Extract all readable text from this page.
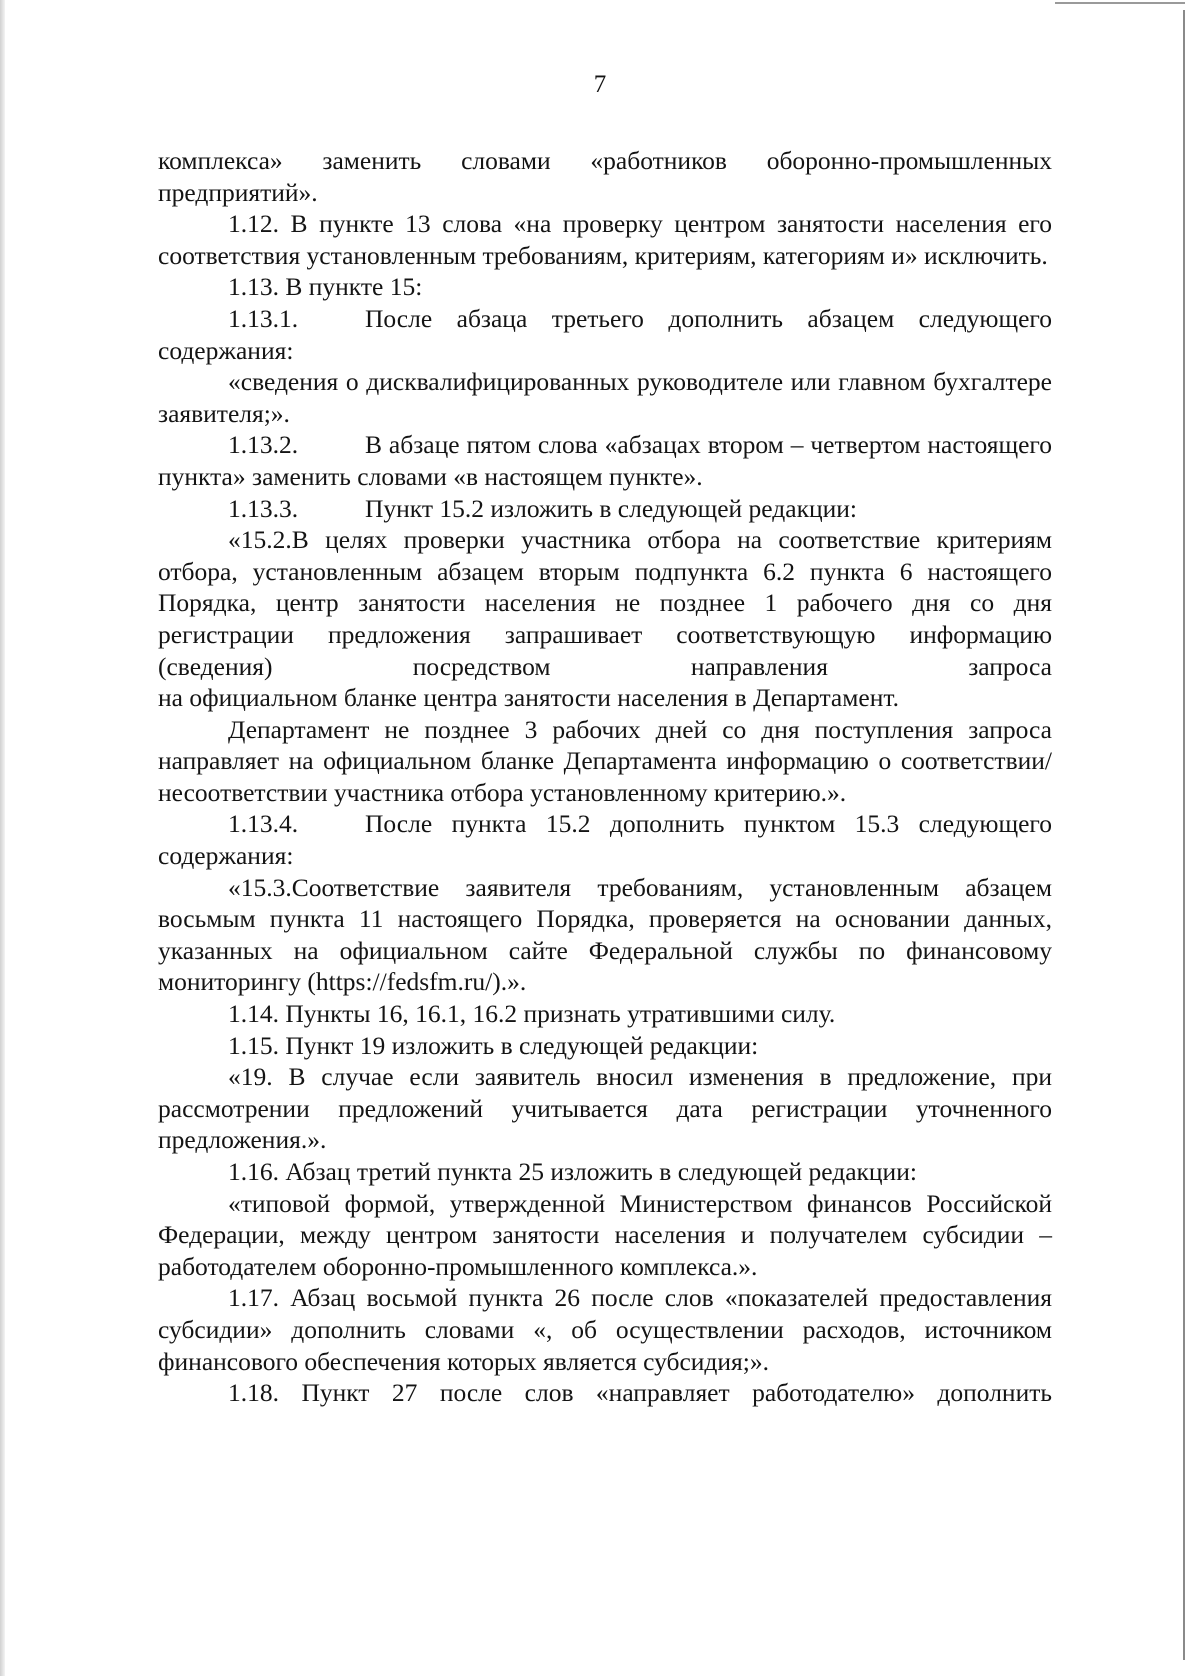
7

комплекса» заменить словами «работников оборонно-промышленных предприятий».

1.12. В пункте 13 слова «на проверку центром занятости населения его соответствия установленным требованиям, критериям, категориям и» исключить.

1.13. В пункте 15:

1.13.1.	После абзаца третьего дополнить абзацем следующего содержания:

«сведения о дисквалифицированных руководителе или главном бухгалтере заявителя;».

1.13.2.	В абзаце пятом слова «абзацах втором – четвертом настоящего пункта» заменить словами «в настоящем пункте».

1.13.3.	Пункт 15.2 изложить в следующей редакции:

«15.2.В целях проверки участника отбора на соответствие критериям отбора, установленным абзацем вторым подпункта 6.2 пункта 6 настоящего Порядка, центр занятости населения не позднее 1 рабочего дня со дня регистрации предложения запрашивает соответствующую информацию (сведения) посредством направления запроса

на официальном бланке центра занятости населения в Департамент.

Департамент не позднее 3 рабочих дней со дня поступления запроса направляет на официальном бланке Департамента информацию о соответствии/несоответствии участника отбора установленному критерию.».

1.13.4.	После пункта 15.2 дополнить пунктом 15.3 следующего содержания:

«15.3.Соответствие заявителя требованиям, установленным абзацем восьмым пункта 11 настоящего Порядка, проверяется на основании данных, указанных на официальном сайте Федеральной службы по финансовому мониторингу (https://fedsfm.ru/).».

1.14. Пункты 16, 16.1, 16.2 признать утратившими силу.

1.15. Пункт 19 изложить в следующей редакции:

«19. В случае если заявитель вносил изменения в предложение, при рассмотрении предложений учитывается дата регистрации уточненного предложения.».

1.16. Абзац третий пункта 25 изложить в следующей редакции:

«типовой формой, утвержденной Министерством финансов Российской Федерации, между центром занятости населения и получателем субсидии – работодателем оборонно-промышленного комплекса.».

1.17. Абзац восьмой пункта 26 после слов «показателей предоставления субсидии» дополнить словами «, об осуществлении расходов, источником финансового обеспечения которых является субсидия;».

1.18. Пункт 27 после слов «направляет работодателю» дополнить
